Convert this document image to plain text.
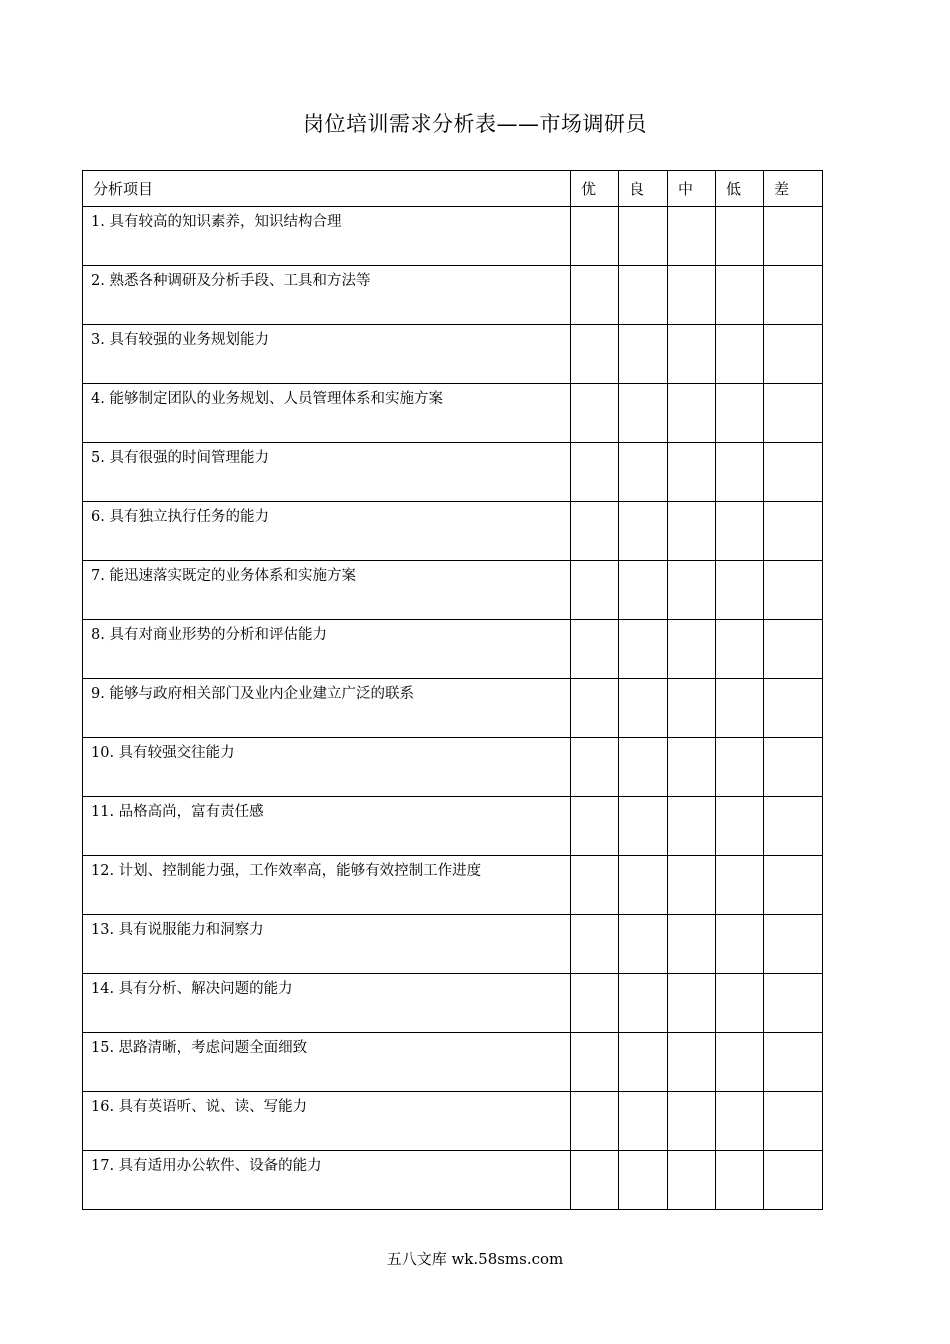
岗位培训需求分析表——市场调研员
分析项目	优	良	中	低	差
1. 具有较高的知识素养，知识结构合理					
2. 熟悉各种调研及分析手段、工具和方法等					
3. 具有较强的业务规划能力					
4. 能够制定团队的业务规划、人员管理体系和实施方案					
5. 具有很强的时间管理能力					
6. 具有独立执行任务的能力					
7. 能迅速落实既定的业务体系和实施方案					
8. 具有对商业形势的分析和评估能力					
9. 能够与政府相关部门及业内企业建立广泛的联系					
10. 具有较强交往能力					
11. 品格高尚，富有责任感					
12. 计划、控制能力强，工作效率高，能够有效控制工作进度					
13. 具有说服能力和洞察力					
14. 具有分析、解决问题的能力					
15. 思路清晰，考虑问题全面细致					
16. 具有英语听、说、读、写能力					
17. 具有适用办公软件、设备的能力					
五八文库 wk.58sms.com
